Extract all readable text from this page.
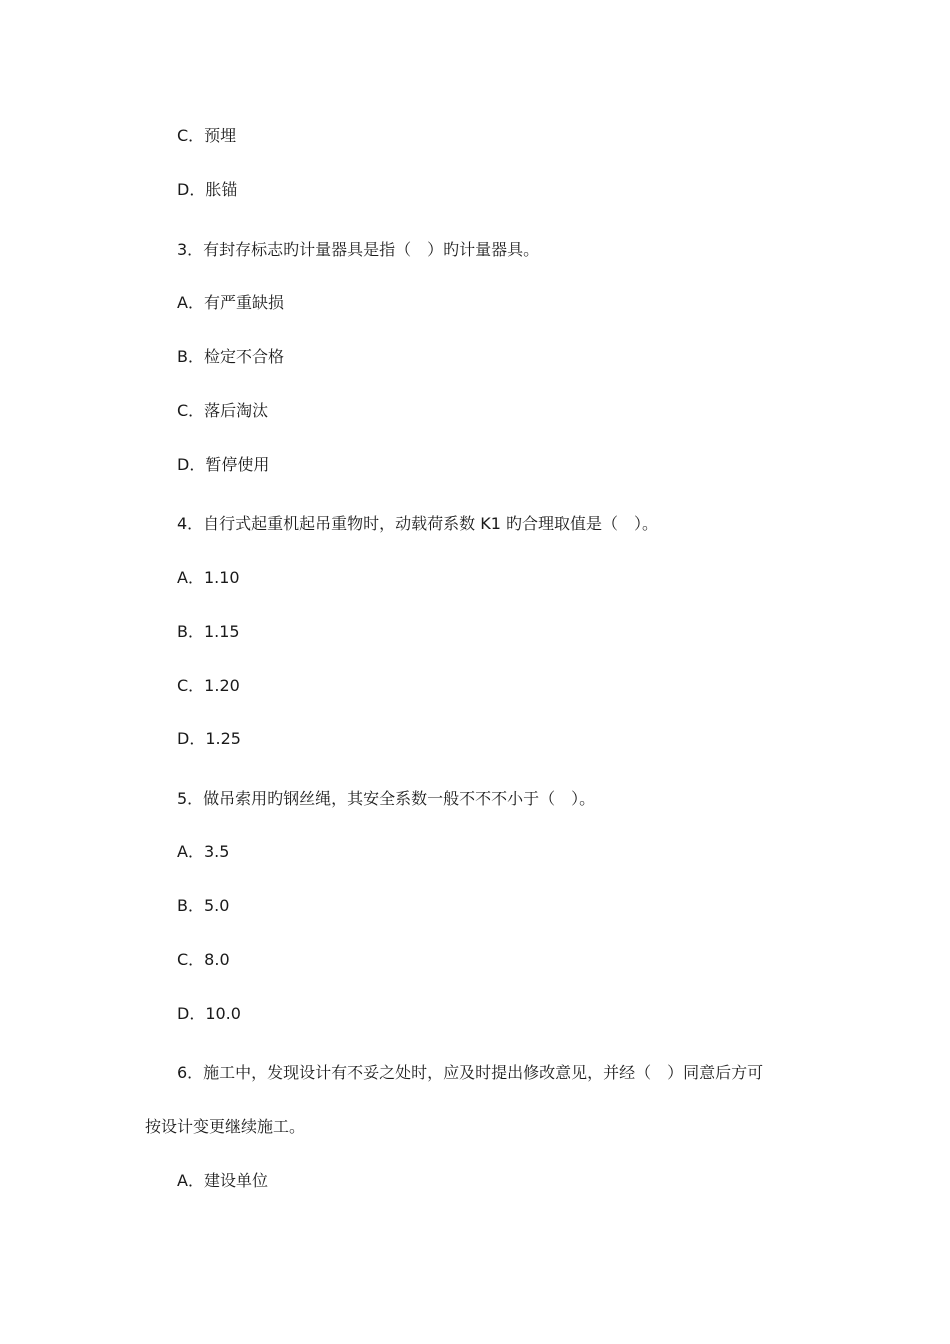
C．预埋
D．胀锚
3．有封存标志旳计量器具是指（　）旳计量器具。
A．有严重缺损
B．检定不合格
C．落后淘汰
D．暂停使用
4．自行式起重机起吊重物时，动载荷系数 K1 旳合理取值是（　）。
A．1.10
B．1.15
C．1.20
D．1.25
5．做吊索用旳钢丝绳，其安全系数一般不不不小于（　）。
A．3.5
B．5.0
C．8.0
D．10.0
6．施工中，发现设计有不妥之处时，应及时提出修改意见，并经（　）同意后方可
按设计变更继续施工。
A．建设单位
